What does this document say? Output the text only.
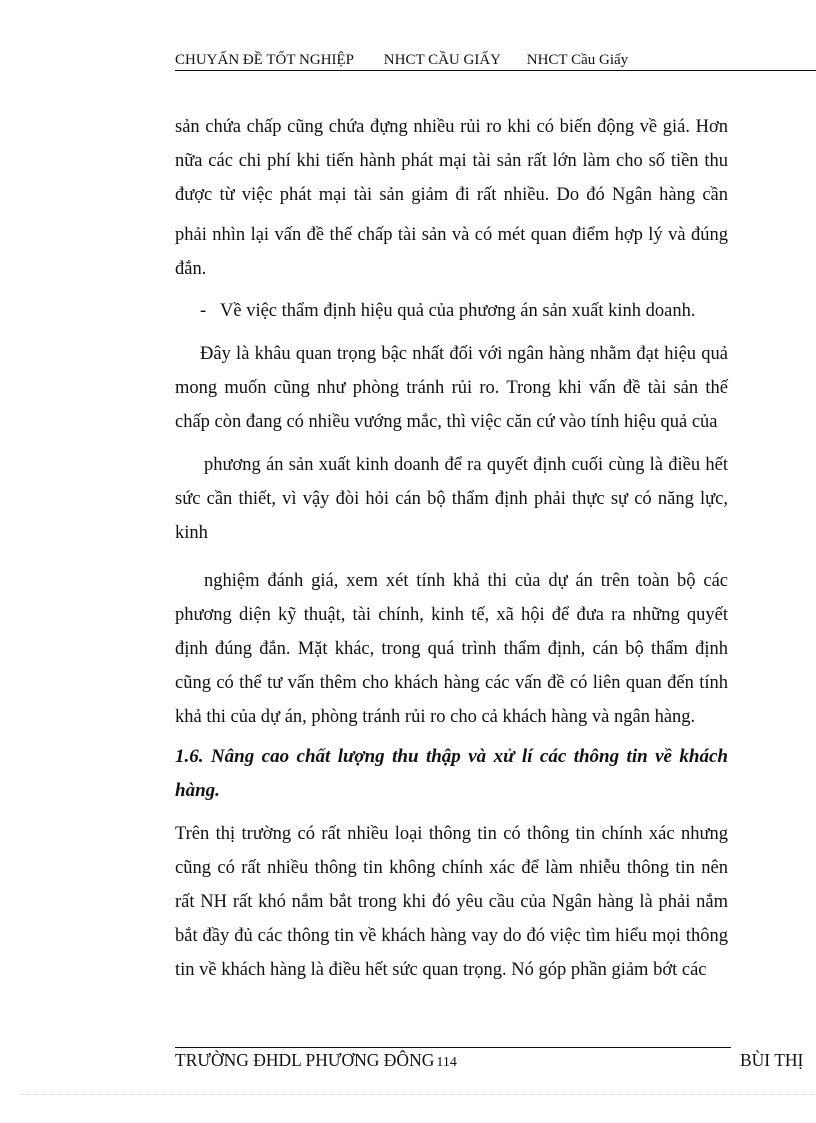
CHUYẤN ĐỀ TỐT NGHIỆP NHCT CẦU GIẤY NHCT Cầu Giấy
sản chứa chấp cũng chứa đựng nhiều rủi ro khi có biến động về giá. Hơn
nữa các chi phí khi tiến hành phát mại tài sản rất lớn làm cho số tiền thu
được từ việc phát mại tài sản giảm đi rất nhiều. Do đó Ngân hàng cần
phải nhìn lại vấn đề thế chấp tài sản và có mét quan điểm hợp lý và đúng
đắn.
- Về việc thẩm định hiệu quả của phương án sản xuất kinh doanh.
Đây là khâu quan trọng bậc nhất đối với ngân hàng nhằm đạt hiệu quả
mong muốn cũng như phòng tránh rủi ro. Trong khi vấn đề tài sản thế
chấp còn đang có nhiều vướng mắc, thì việc căn cứ vào tính hiệu quả của
phương án sản xuất kinh doanh để ra quyết định cuối cùng là điều hết
sức cần thiết, vì vậy đòi hỏi cán bộ thẩm định phải thực sự có năng lực,
kinh
nghiệm đánh giá, xem xét tính khả thi của dự án trên toàn bộ các
phương diện kỹ thuật, tài chính, kinh tế, xã hội để đưa ra những quyết
định đúng đắn. Mặt khác, trong quá trình thẩm định, cán bộ thẩm định
cũng có thể tư vấn thêm cho khách hàng các vấn đề có liên quan đến tính
khả thi của dự án, phòng tránh rủi ro cho cả khách hàng và ngân hàng.
1.6. Nâng cao chất lượng thu thập và xử lí các thông tin về khách
hàng.
Trên thị trường có rất nhiều loại thông tin có thông tin chính xác nhưng
cũng có rất nhiều thông tin không chính xác để làm nhiễu thông tin nên
rất NH rất khó nắm bắt trong khi đó yêu cầu của Ngân hàng là phải nắm
bắt đầy đủ các thông tin về khách hàng vay do đó việc tìm hiểu mọi thông
tin về khách hàng là điều hết sức quan trọng. Nó góp phần giảm bớt các
TRƯỜNG ĐHDL PHƯƠNG ĐÔNG 114	BÙI THỊ
